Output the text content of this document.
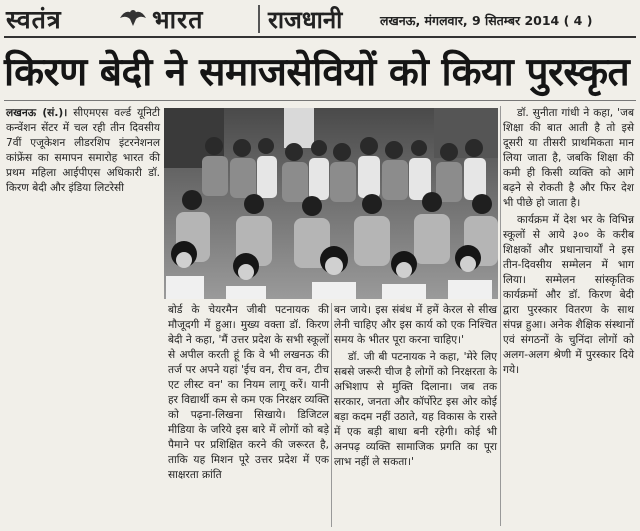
स्वतंत्र	भारत	राजधानी	लखनऊ, मंगलवार, 9 सितम्बर 2014 ( 4 )
किरण बेदी ने समाजसेवियों को किया पुरस्कृत

लखनऊ (सं.)। सीएमएस वर्ल्ड यूनिटी कन्वेंशन सेंटर में चल रही तीन दिवसीय 7वीं एजूकेशन लीडरशिप इंटरनेशनल कांफ्रेंस का समापन समारोह भारत की प्रथम महिला आईपीएस अधिकारी डॉ. किरण बेदी और इंडिया लिटरेसी

बोर्ड के चेयरमैन जीबी पटनायक की मौजूदगी में हुआ। मुख्य वक्ता डॉ. किरण बेदी ने कहा, 'मैं उत्तर प्रदेश के सभी स्कूलों से अपील करती हूं कि वे भी लखनऊ की तर्ज पर अपने यहां 'ईच वन, रीच वन, टीच एट लीस्ट वन' का नियम लागू करें। यानी हर विद्यार्थी कम से कम एक निरक्षर व्यक्ति को पढ़ना-लिखना सिखाये। डिजिटल मीडिया के जरिये इस बारे में लोगों को बड़े पैमाने पर प्रशिक्षित करने की जरूरत है, ताकि यह मिशन पूरे उत्तर प्रदेश में एक साक्षरता क्रांति

बन जाये। इस संबंध में हमें केरल से सीख लेनी चाहिए और इस कार्य को एक निश्चित समय के भीतर पूरा करना चाहिए।'

डॉ. जी बी पटनायक ने कहा, 'मेरे लिए सबसे जरूरी चीज है लोगों को निरक्षरता के अभिशाप से मुक्ति दिलाना। जब तक सरकार, जनता और कॉर्पोरेट इस ओर कोई बड़ा कदम नहीं उठाते, यह विकास के रास्ते में एक बड़ी बाधा बनी रहेगी। कोई भी अनपढ़ व्यक्ति सामाजिक प्रगति का पूरा लाभ नहीं ले सकता।'

डॉ. सुनीता गांधी ने कहा, 'जब शिक्षा की बात आती है तो इसे दूसरी या तीसरी प्राथमिकता मान लिया जाता है, जबकि शिक्षा की कमी ही किसी व्यक्ति को आगे बढ़ने से रोकती है और फिर देश भी पीछे हो जाता है।

कार्यक्रम में देश भर के विभिन्न स्कूलों से आये ३०० के करीब शिक्षकों और प्रधानाचार्यों ने इस तीन-दिवसीय सम्मेलन में भाग लिया। सम्मेलन सांस्कृतिक कार्यक्रमों और डॉ. किरण बेदी द्वारा पुरस्कार वितरण के साथ संपन्न हुआ। अनेक शैक्षिक संस्थानों एवं संगठनों के चुनिंदा लोगों को अलग-अलग श्रेणी में पुरस्कार दिये गये।
